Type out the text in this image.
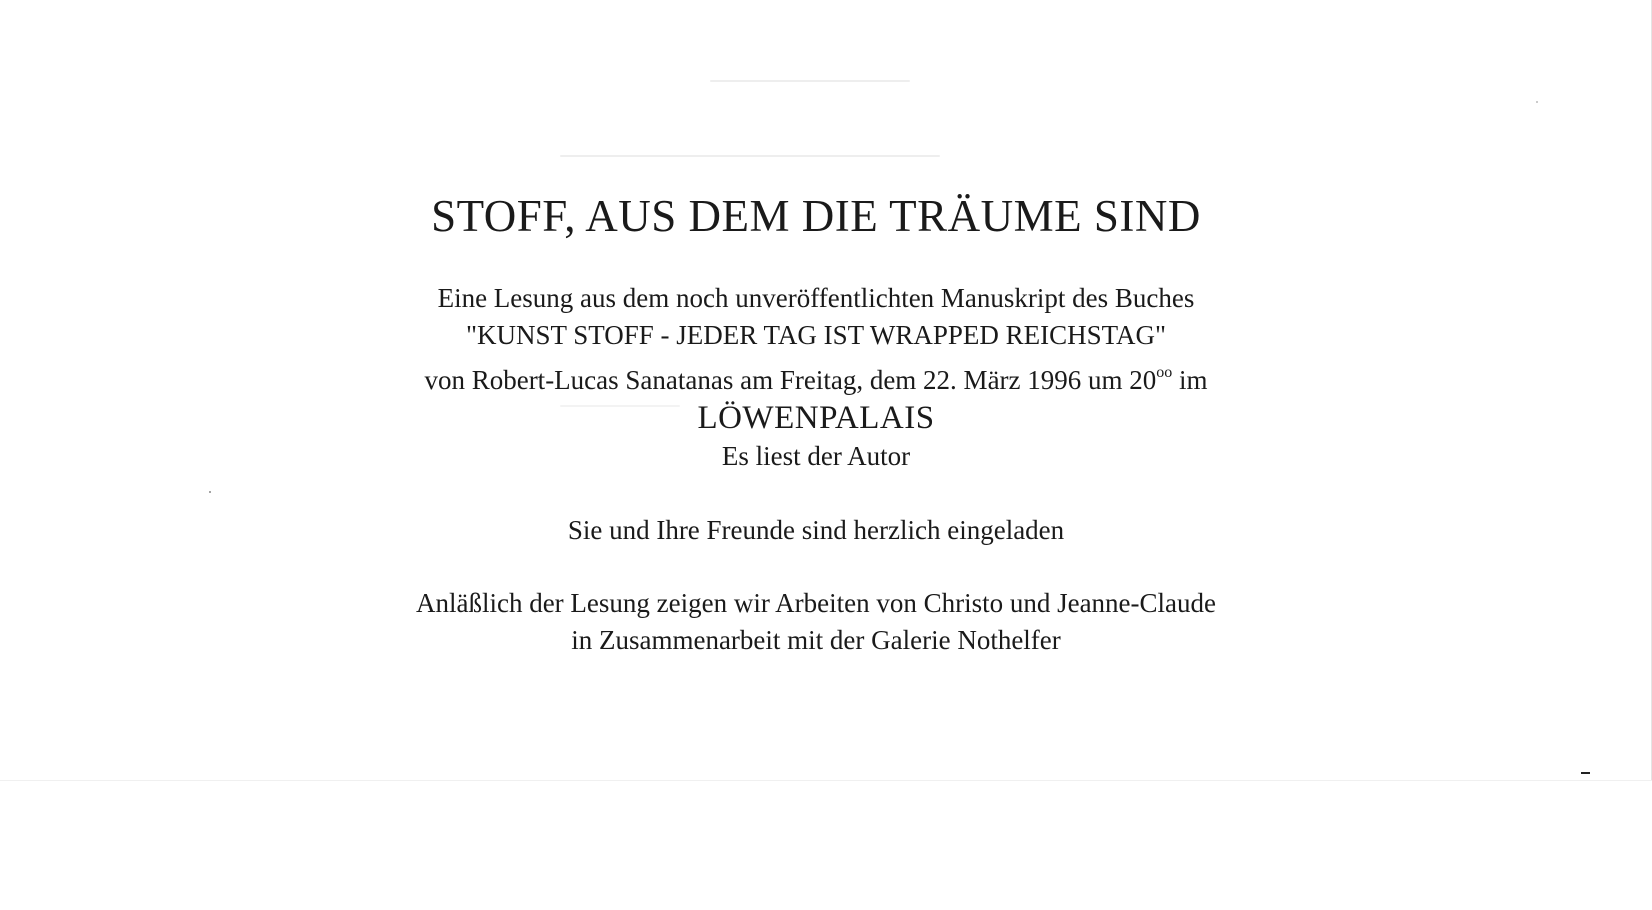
STOFF, AUS DEM DIE TRÄUME SIND

Eine Lesung aus dem noch unveröffentlichten Manuskript des Buches

"KUNST STOFF - JEDER TAG IST WRAPPED REICHSTAG"

von Robert-Lucas Sanatanas am Freitag, dem 22. März 1996 um $20^{oo}$ im

LÖWENPALAIS

Es liest der Autor

Sie und Ihre Freunde sind herzlich eingeladen

Anläßlich der Lesung zeigen wir Arbeiten von Christo und Jeanne-Claude

in Zusammenarbeit mit der Galerie Nothelfer
